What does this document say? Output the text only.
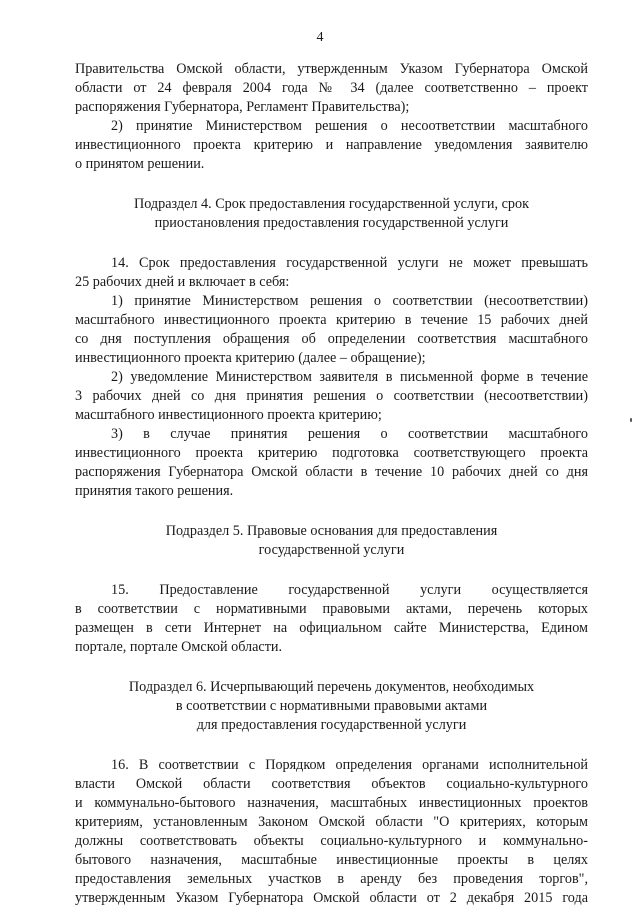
4
Правительства Омской области, утвержденным Указом Губернатора Омской
области от 24 февраля 2004 года № 34 (далее соответственно – проект
распоряжения Губернатора, Регламент Правительства);
2) принятие Министерством решения о несоответствии масштабного
инвестиционного проекта критерию и направление уведомления заявителю
о принятом решении.
Подраздел 4. Срок предоставления государственной услуги, срок
приостановления предоставления государственной услуги
14. Срок предоставления государственной услуги не может превышать
25 рабочих дней и включает в себя:
1) принятие Министерством решения о соответствии (несоответствии)
масштабного инвестиционного проекта критерию в течение 15 рабочих дней
со дня поступления обращения об определении соответствия масштабного
инвестиционного проекта критерию (далее – обращение);
2) уведомление Министерством заявителя в письменной форме в течение
3 рабочих дней со дня принятия решения о соответствии (несоответствии)
масштабного инвестиционного проекта критерию;
3) в случае принятия решения о соответствии масштабного
инвестиционного проекта критерию подготовка соответствующего проекта
распоряжения Губернатора Омской области в течение 10 рабочих дней со дня
принятия такого решения.
Подраздел 5. Правовые основания для предоставления
государственной услуги
15. Предоставление государственной услуги осуществляется
в соответствии с нормативными правовыми актами, перечень которых
размещен в сети Интернет на официальном сайте Министерства, Едином
портале, портале Омской области.
Подраздел 6. Исчерпывающий перечень документов, необходимых
в соответствии с нормативными правовыми актами
для предоставления государственной услуги
16. В соответствии с Порядком определения органами исполнительной
власти Омской области соответствия объектов социально-культурного
и коммунально-бытового назначения, масштабных инвестиционных проектов
критериям, установленным Законом Омской области "О критериях, которым
должны соответствовать объекты социально-культурного и коммунально-
бытового назначения, масштабные инвестиционные проекты в целях
предоставления земельных участков в аренду без проведения торгов",
утвержденным Указом Губернатора Омской области от 2 декабря 2015 года
